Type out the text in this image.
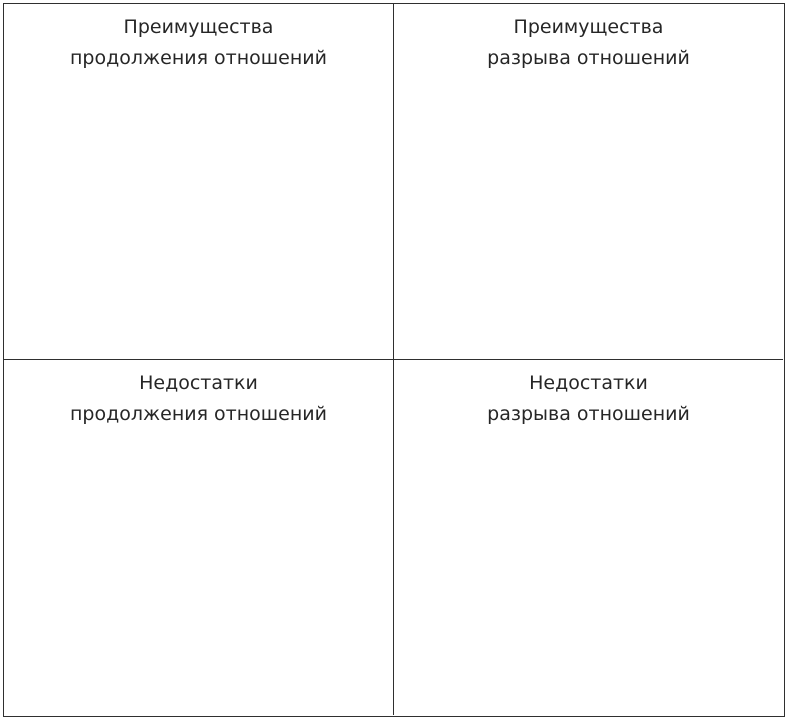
Преимущества
продолжения отношений
Преимущества
разрыва отношений
Недостатки
продолжения отношений
Недостатки
разрыва отношений
